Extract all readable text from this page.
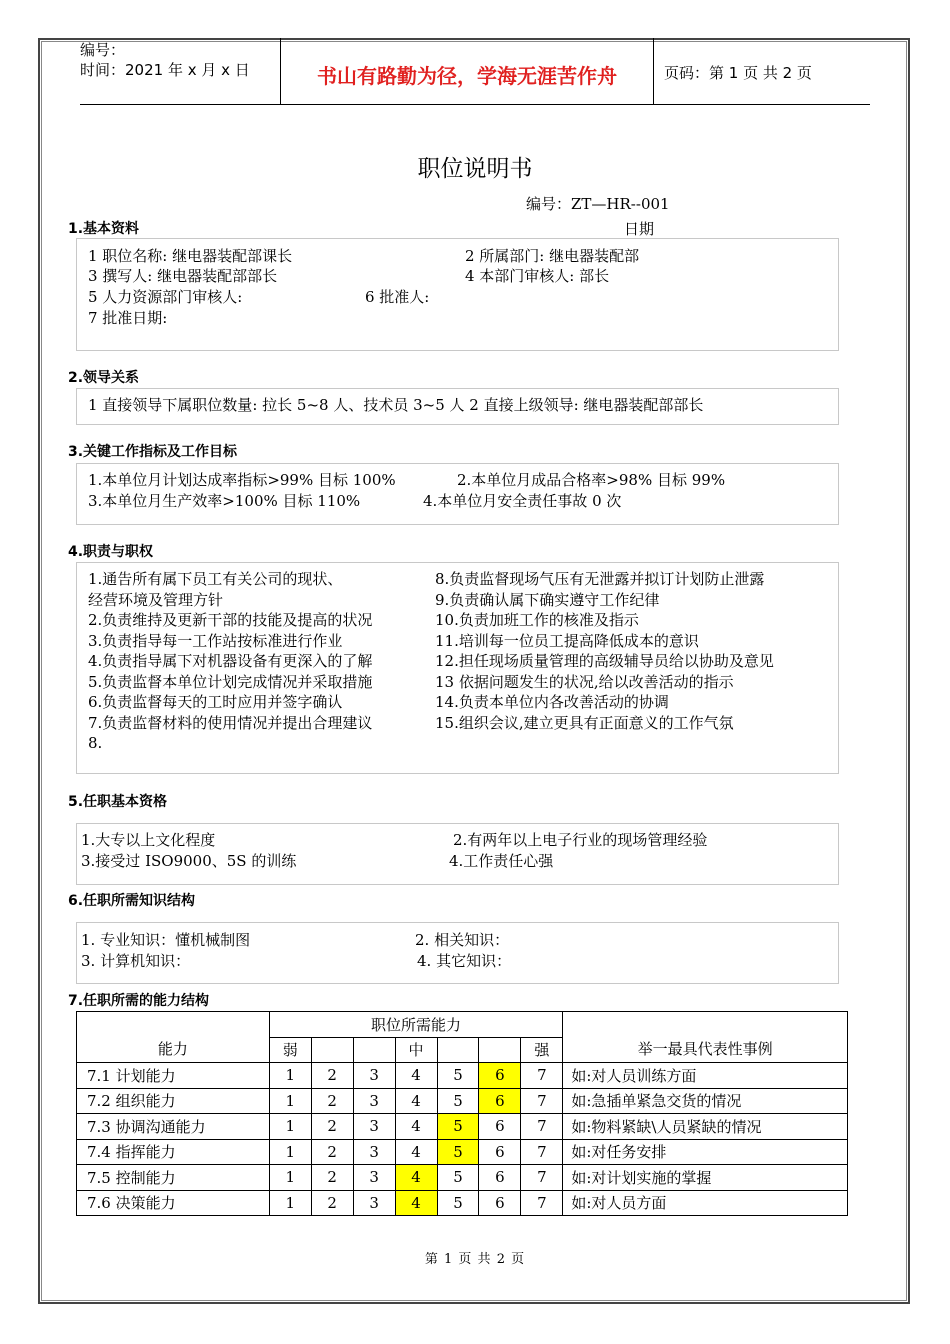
编号：
时间：2021 年 x 月 x 日	书山有路勤为径，学海无涯苦作舟	页码：第 1 页 共 2 页
职位说明书
编号：ZT—HR--001
日期
1.基本资料
1 职位名称: 继电器装配部课长	2 所属部门: 继电器装配部
3 撰写人: 继电器装配部部长	4 本部门审核人: 部长
5 人力资源部门审核人:	6 批准人:
7 批准日期:
2.领导关系
1 直接领导下属职位数量: 拉长 5~8 人、技术员 3~5 人 2 直接上级领导: 继电器装配部部长
3.关键工作指标及工作目标
1.本单位月计划达成率指标>99% 目标 100%	2.本单位月成品合格率>98% 目标 99%
3.本单位月生产效率>100% 目标 110%	4.本单位月安全责任事故 0 次
4.职责与职权
1.通告所有属下员工有关公司的现状、
经营环境及管理方针
2.负责维持及更新干部的技能及提高的状况
3.负责指导每一工作站按标准进行作业
4.负责指导属下对机器设备有更深入的了解
5.负责监督本单位计划完成情况并采取措施
6.负责监督每天的工时应用并签字确认
7.负责监督材料的使用情况并提出合理建议
8.
8.负责监督现场气压有无泄露并拟订计划防止泄露
9.负责确认属下确实遵守工作纪律
10.负责加班工作的核准及指示
11.培训每一位员工提高降低成本的意识
12.担任现场质量管理的高级辅导员给以协助及意见
13 依据问题发生的状况,给以改善活动的指示
14.负责本单位内各改善活动的协调
15.组织会议,建立更具有正面意义的工作气氛
5.任职基本资格
1.大专以上文化程度	2.有两年以上电子行业的现场管理经验
3.接受过 ISO9000、5S 的训练	4.工作责任心强
6.任职所需知识结构
1. 专业知识：懂机械制图	2. 相关知识：
3. 计算机知识：	4. 其它知识：
7.任职所需的能力结构
能力	职位所需能力							举一最具代表性事例
	弱			中			强	
7.1 计划能力	1	2	3	4	5	6	7	如:对人员训练方面
7.2 组织能力	1	2	3	4	5	6	7	如:急插单紧急交货的情况
7.3 协调沟通能力	1	2	3	4	5	6	7	如:物料紧缺\人员紧缺的情况
7.4 指挥能力	1	2	3	4	5	6	7	如:对任务安排
7.5 控制能力	1	2	3	4	5	6	7	如:对计划实施的掌握
7.6 决策能力	1	2	3	4	5	6	7	如:对人员方面
第 1 页 共 2 页
